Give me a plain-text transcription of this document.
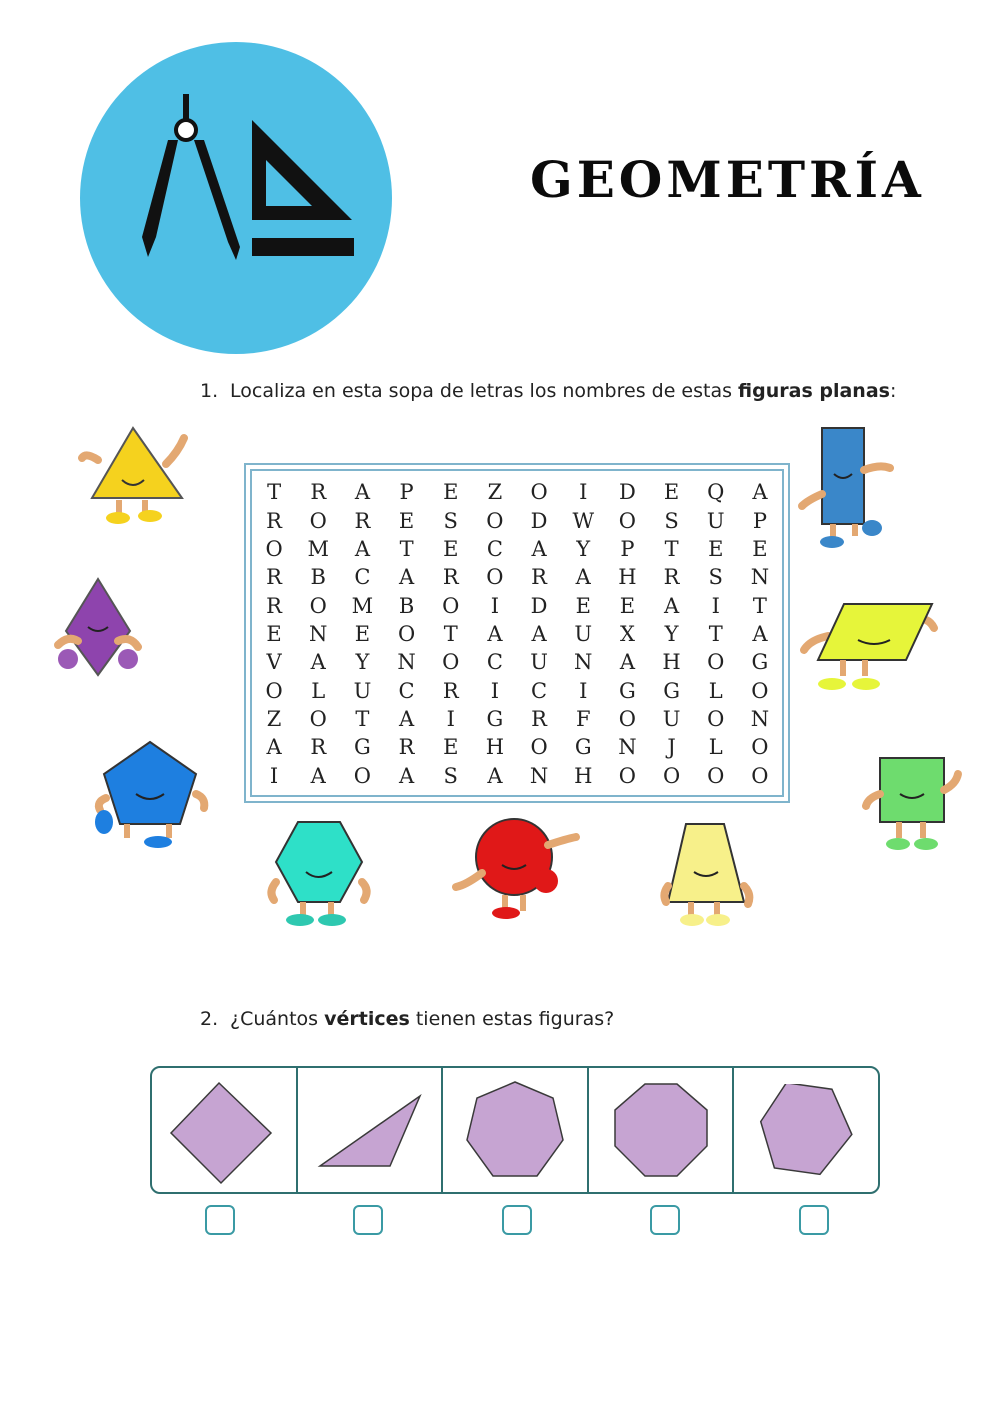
GEOMETRÍA
1. Localiza en esta sopa de letras los nombres de estas figuras planas:
T	R	A	P	E	Z	O	I	D	E	Q	A
R	O	R	E	S	O	D	W	O	S	U	P
O	M	A	T	E	C	A	Y	P	T	E	E
R	B	C	A	R	O	R	A	H	R	S	N
R	O	M	B	O	I	D	E	E	A	I	T
E	N	E	O	T	A	A	U	X	Y	T	A
V	A	Y	N	O	C	U	N	A	H	O	G
O	L	U	C	R	I	C	I	G	G	L	O
Z	O	T	A	I	G	R	F	O	U	O	N
A	R	G	R	E	H	O	G	N	J	L	O
I	A	O	A	S	A	N	H	O	O	O	O
2. ¿Cuántos vértices tienen estas figuras?
